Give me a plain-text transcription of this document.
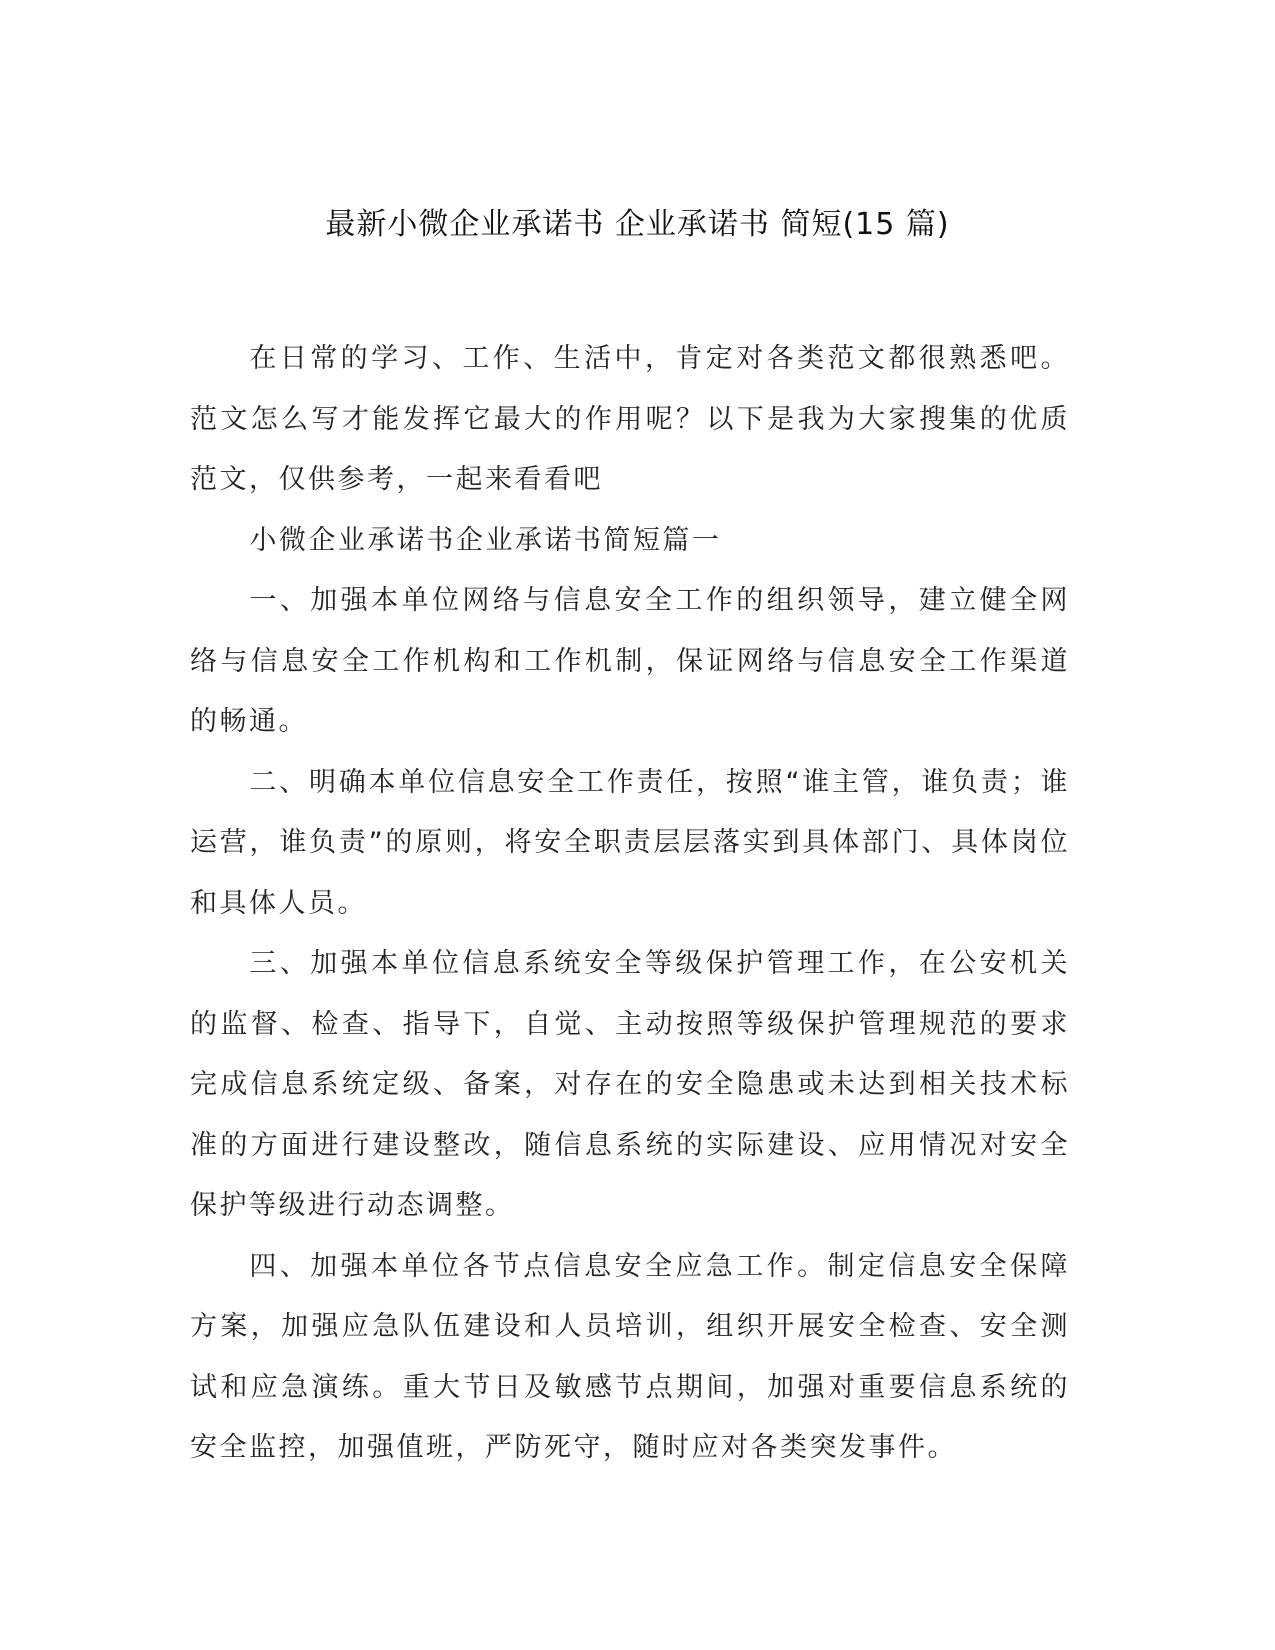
最新小微企业承诺书 企业承诺书 简短(15 篇)

在日常的学习、工作、生活中，肯定对各类范文都很熟悉吧。范文怎么写才能发挥它最大的作用呢？以下是我为大家搜集的优质范文，仅供参考，一起来看看吧

小微企业承诺书企业承诺书简短篇一

一、加强本单位网络与信息安全工作的组织领导，建立健全网络与信息安全工作机构和工作机制，保证网络与信息安全工作渠道的畅通。

二、明确本单位信息安全工作责任，按照“谁主管，谁负责；谁运营，谁负责”的原则，将安全职责层层落实到具体部门、具体岗位和具体人员。

三、加强本单位信息系统安全等级保护管理工作，在公安机关的监督、检查、指导下，自觉、主动按照等级保护管理规范的要求完成信息系统定级、备案，对存在的安全隐患或未达到相关技术标准的方面进行建设整改，随信息系统的实际建设、应用情况对安全保护等级进行动态调整。

四、加强本单位各节点信息安全应急工作。制定信息安全保障方案，加强应急队伍建设和人员培训，组织开展安全检查、安全测试和应急演练。重大节日及敏感节点期间，加强对重要信息系统的安全监控，加强值班，严防死守，随时应对各类突发事件。
